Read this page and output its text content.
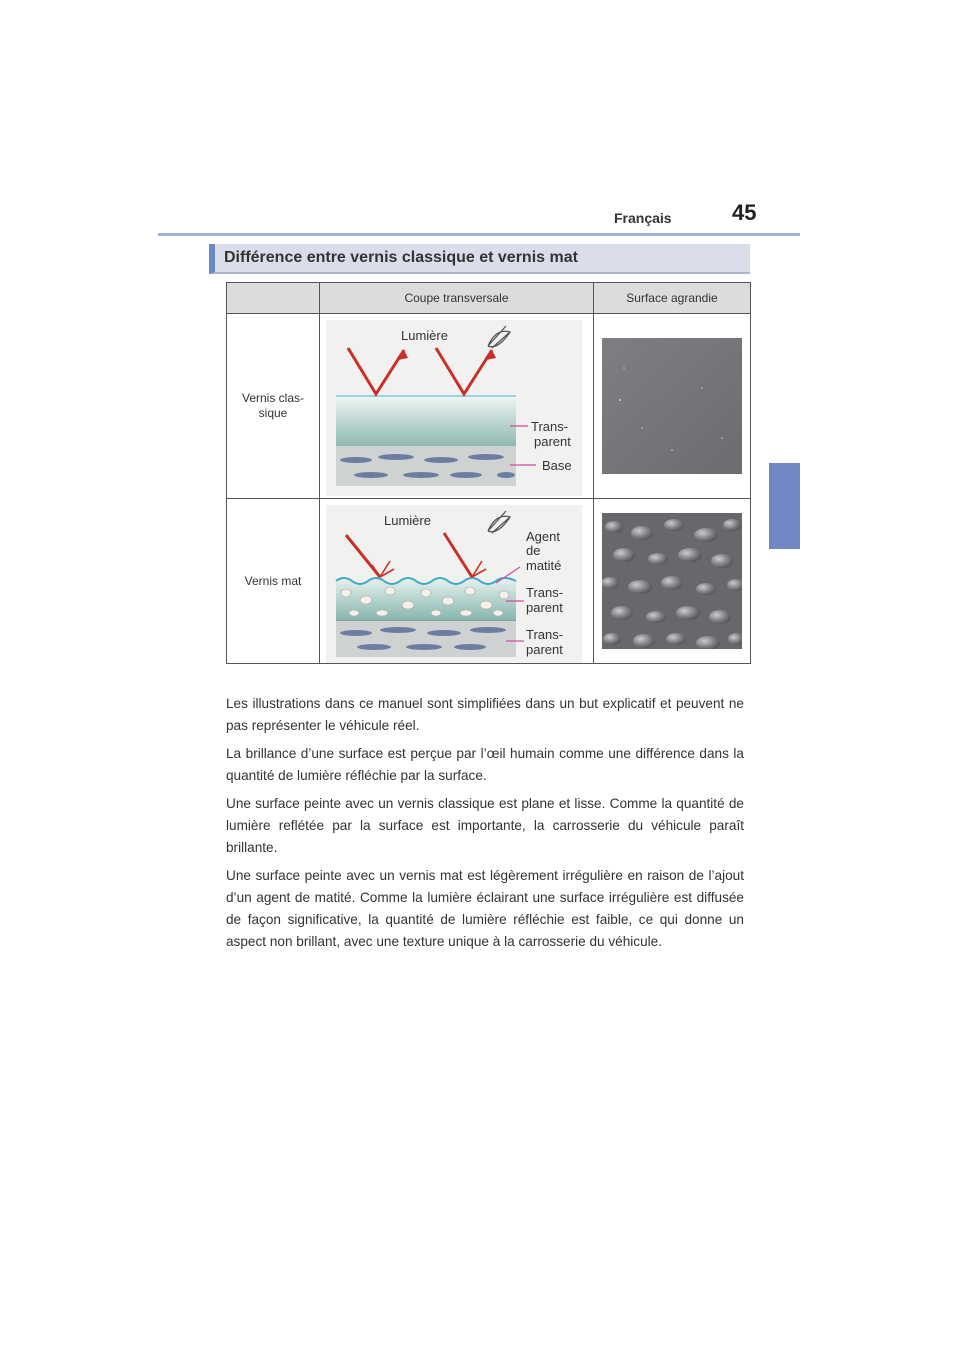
Français	45
Différence entre vernis classique et vernis mat
	Coupe transversale	Surface agrandie
Vernis clas-
sique	Lumière
Trans-parent
Base

Vernis mat	Lumière
Agent de matité
Trans-parent
Trans-parent

Les illustrations dans ce manuel sont simplifiées dans un but explicatif et peuvent ne pas représenter le véhicule réel.

La brillance d’une surface est perçue par l’œil humain comme une différence dans la quantité de lumière réfléchie par la surface.

Une surface peinte avec un vernis classique est plane et lisse. Comme la quantité de lumière reflétée par la surface est importante, la carrosserie du véhicule paraît brillante.

Une surface peinte avec un vernis mat est légèrement irrégulière en raison de l’ajout d’un agent de matité. Comme la lumière éclairant une surface irrégulière est diffusée de façon significative, la quantité de lumière réfléchie est faible, ce qui donne un aspect non brillant, avec une texture unique à la carrosserie du véhicule.
